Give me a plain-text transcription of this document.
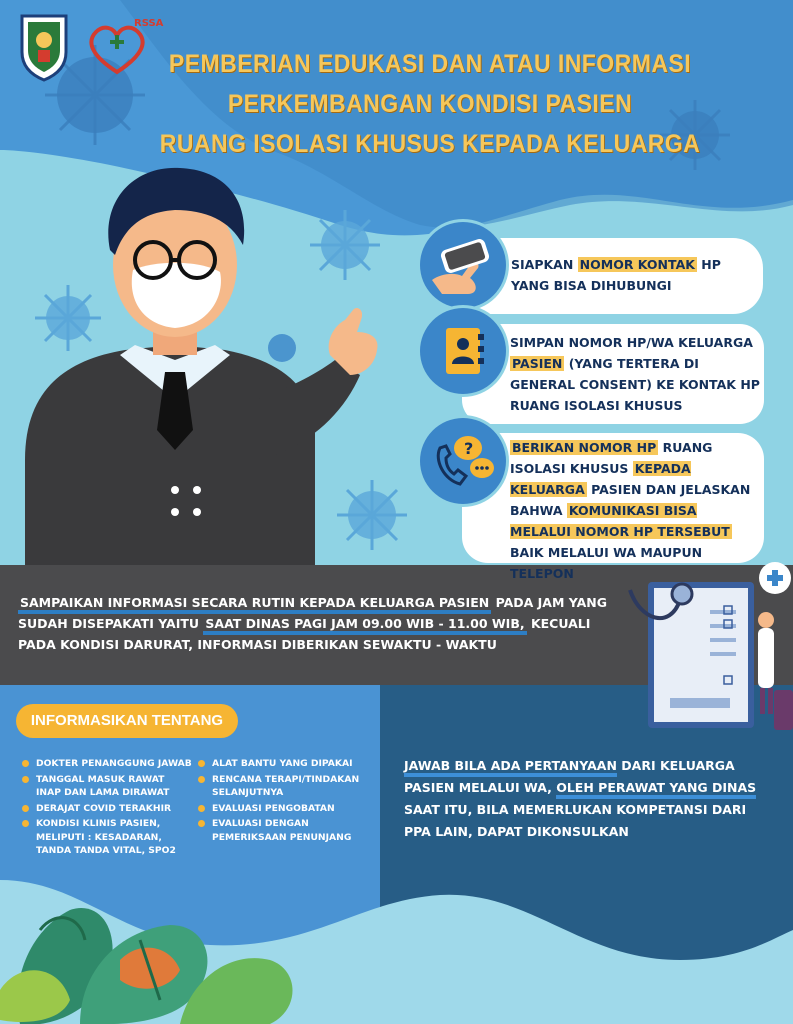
RSSA
PEMBERIAN EDUKASI DAN ATAU INFORMASI
PERKEMBANGAN KONDISI PASIEN
RUANG ISOLASI KHUSUS KEPADA KELUARGA
SIAPKAN NOMOR KONTAK HP YANG BISA DIHUBUNGI
SIMPAN NOMOR HP/WA KELUARGA PASIEN (YANG TERTERA DI GENERAL CONSENT) KE KONTAK HP RUANG ISOLASI KHUSUS
BERIKAN NOMOR HP RUANG ISOLASI KHUSUS KEPADA KELUARGA PASIEN DAN JELASKAN BAHWA KOMUNIKASI BISA MELALUI NOMOR HP TERSEBUT BAIK MELALUI WA MAUPUN TELEPON
?
SAMPAIKAN INFORMASI SECARA RUTIN KEPADA KELUARGA PASIEN PADA JAM YANG SUDAH DISEPAKATI YAITU SAAT DINAS PAGI JAM 09.00 WIB - 11.00 WIB, KECUALI PADA KONDISI DARURAT, INFORMASI DIBERIKAN SEWAKTU - WAKTU
INFORMASIKAN TENTANG
DOKTER PENANGGUNG JAWAB
TANGGAL MASUK RAWAT INAP DAN LAMA DIRAWAT
DERAJAT COVID TERAKHIR
KONDISI KLINIS PASIEN, MELIPUTI : KESADARAN, TANDA TANDA VITAL, SPO2
ALAT BANTU YANG DIPAKAI
RENCANA TERAPI/TINDAKAN SELANJUTNYA
EVALUASI PENGOBATAN
EVALUASI DENGAN PEMERIKSAAN PENUNJANG
JAWAB BILA ADA PERTANYAAN DARI KELUARGA PASIEN MELALUI WA, OLEH PERAWAT YANG DINAS SAAT ITU, BILA MEMERLUKAN KOMPETANSI DARI PPA LAIN, DAPAT DIKONSULKAN
